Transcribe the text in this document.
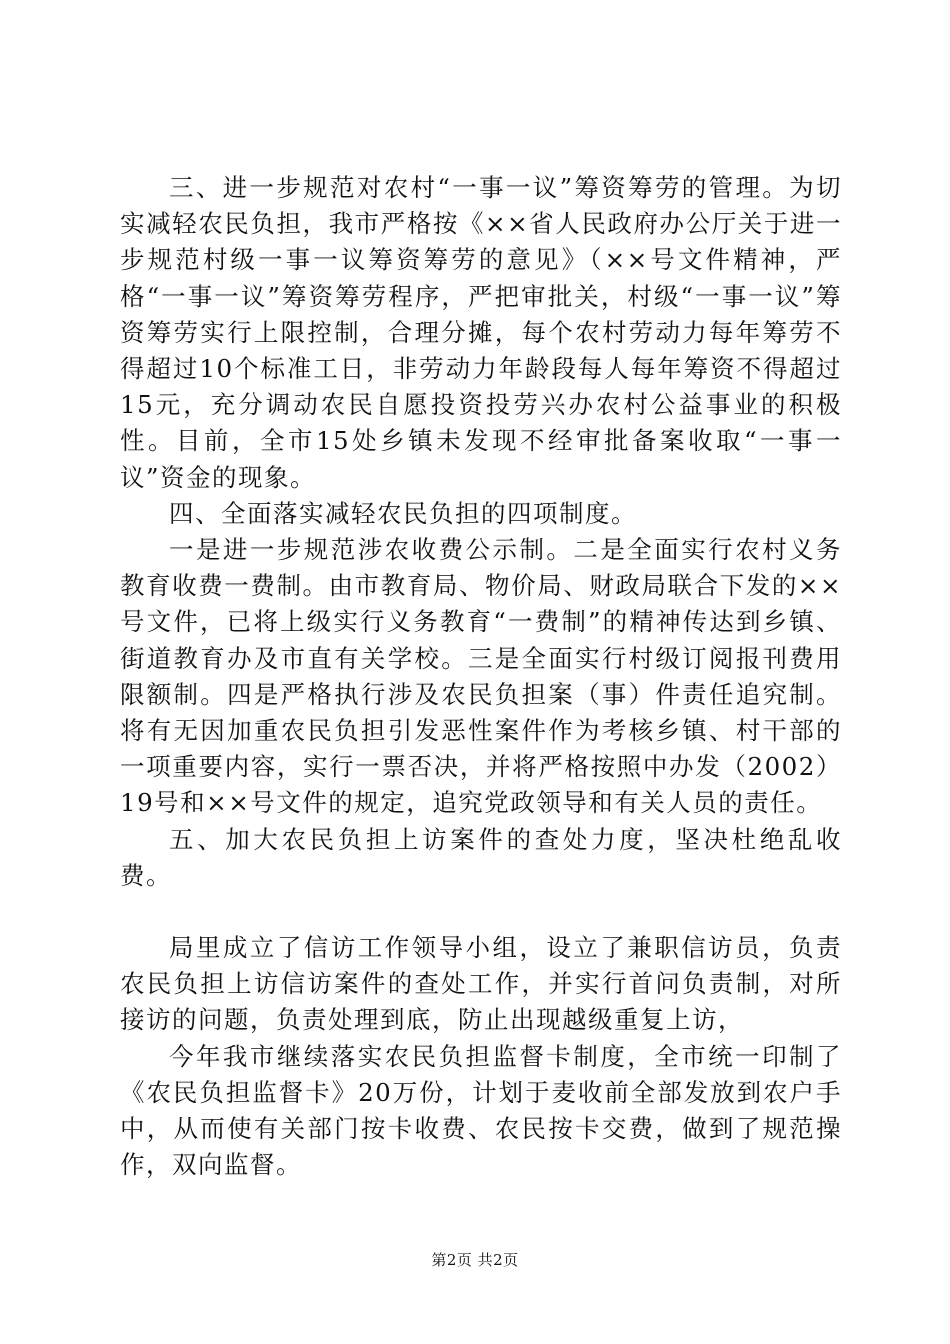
三、进一步规范对农村“一事一议”筹资筹劳的管理。为切实减轻农民负担，我市严格按《××省人民政府办公厅关于进一步规范村级一事一议筹资筹劳的意见》（××号文件精神，严格“一事一议”筹资筹劳程序，严把审批关，村级“一事一议”筹资筹劳实行上限控制，合理分摊，每个农村劳动力每年筹劳不得超过10个标准工日，非劳动力年龄段每人每年筹资不得超过15元，充分调动农民自愿投资投劳兴办农村公益事业的积极性。目前，全市15处乡镇未发现不经审批备案收取“一事一议”资金的现象。

四、全面落实减轻农民负担的四项制度。

一是进一步规范涉农收费公示制。二是全面实行农村义务教育收费一费制。由市教育局、物价局、财政局联合下发的××号文件，已将上级实行义务教育“一费制”的精神传达到乡镇、街道教育办及市直有关学校。三是全面实行村级订阅报刊费用限额制。四是严格执行涉及农民负担案（事）件责任追究制。将有无因加重农民负担引发恶性案件作为考核乡镇、村干部的一项重要内容，实行一票否决，并将严格按照中办发（2002）19号和××号文件的规定，追究党政领导和有关人员的责任。

五、加大农民负担上访案件的查处力度，坚决杜绝乱收费。

局里成立了信访工作领导小组，设立了兼职信访员，负责农民负担上访信访案件的查处工作，并实行首问负责制，对所接访的问题，负责处理到底，防止出现越级重复上访，

今年我市继续落实农民负担监督卡制度，全市统一印制了《农民负担监督卡》20万份，计划于麦收前全部发放到农户手中，从而使有关部门按卡收费、农民按卡交费，做到了规范操作，双向监督。

第2页 共2页
